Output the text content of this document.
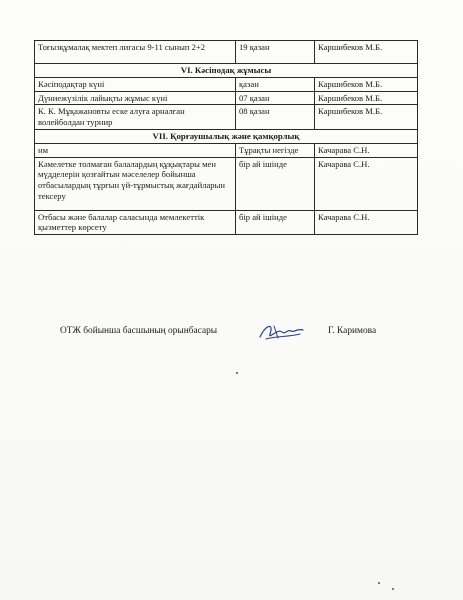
Тоғызқұмалақ мектеп лигасы 9-11 сынып 2+2	19 қазан	Каршибеков М.Б.
VI. Кәсіподақ жұмысы		
Кәсіподақтар күні	қазан	Каршибеков М.Б.
Дүниежүзілік лайықты жұмыс күні	07 қазан	Каршибеков М.Б.
К. К. Мұқажановты еске алуға арналған волейболдан турнир	08 қазан	Каршибеков М.Б.
VII. Қорғаушылық және қамқорлық		
нм	Тұрақты негізде	Качарава С.Н.
Кәмелетке толмаған балалардың құқықтары мен мүдделерін қозғайтын мәселелер бойынша отбасылардың тұрғын үй-тұрмыстық жағдайларын тексеру	бір ай ішінде	Качарава С.Н.
Отбасы және балалар саласында мемлекеттік қызметтер көрсету	бір ай ішінде	Качарава С.Н.
ОТЖ бойынша басшының орынбасары	Г. Каримова
